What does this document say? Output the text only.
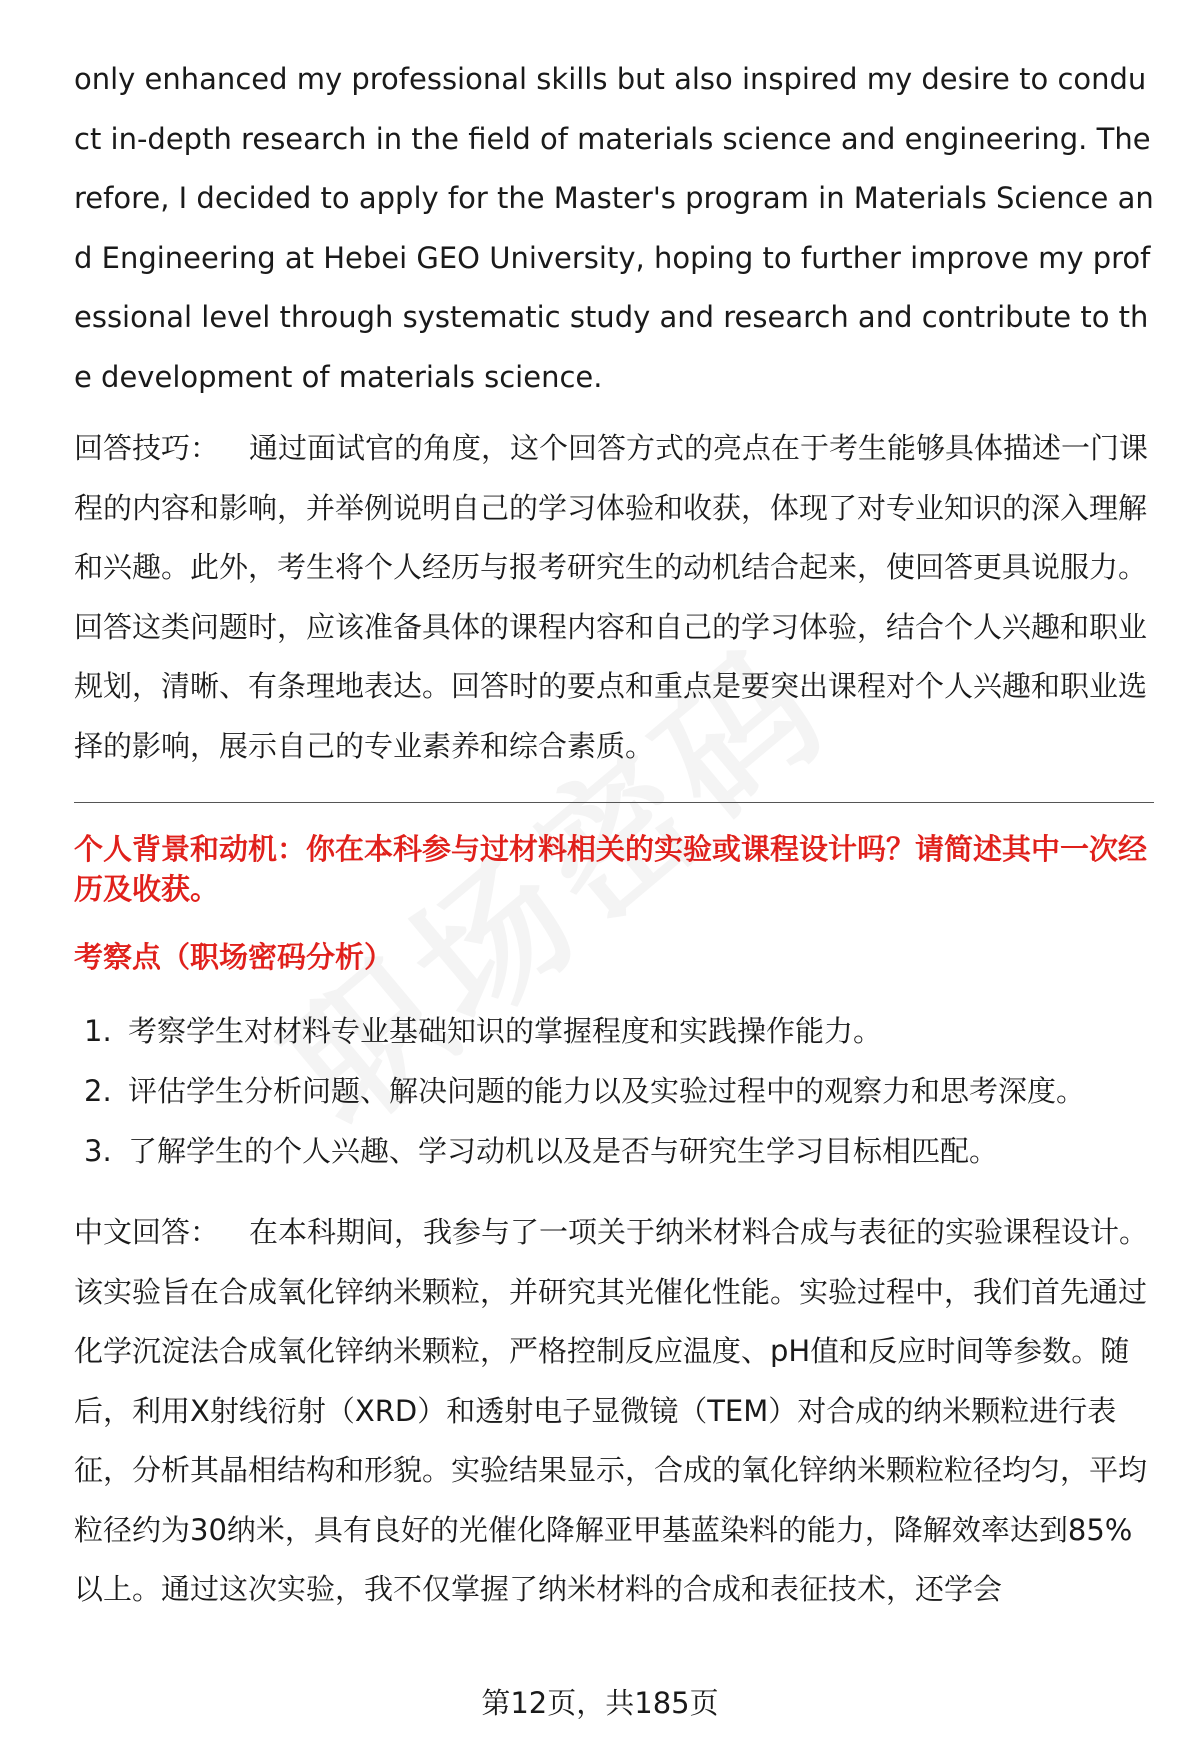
only enhanced my professional skills but also inspired my desire to conduct in-depth research in the field of materials science and engineering. Therefore, I decided to apply for the Master's program in Materials Science and Engineering at Hebei GEO University, hoping to further improve my professional level through systematic study and research and contribute to the development of materials science.

回答技巧： 通过面试官的角度，这个回答方式的亮点在于考生能够具体描述一门课程的内容和影响，并举例说明自己的学习体验和收获，体现了对专业知识的深入理解和兴趣。此外，考生将个人经历与报考研究生的动机结合起来，使回答更具说服力。回答这类问题时，应该准备具体的课程内容和自己的学习体验，结合个人兴趣和职业规划，清晰、有条理地表达。回答时的要点和重点是要突出课程对个人兴趣和职业选择的影响，展示自己的专业素养和综合素质。

个人背景和动机：你在本科参与过材料相关的实验或课程设计吗？请简述其中一次经历及收获。

考察点（职场密码分析）

1. 考察学生对材料专业基础知识的掌握程度和实践操作能力。
2. 评估学生分析问题、解决问题的能力以及实验过程中的观察力和思考深度。
3. 了解学生的个人兴趣、学习动机以及是否与研究生学习目标相匹配。

中文回答： 在本科期间，我参与了一项关于纳米材料合成与表征的实验课程设计。该实验旨在合成氧化锌纳米颗粒，并研究其光催化性能。实验过程中，我们首先通过化学沉淀法合成氧化锌纳米颗粒，严格控制反应温度、pH值和反应时间等参数。随后，利用X射线衍射（XRD）和透射电子显微镜（TEM）对合成的纳米颗粒进行表征，分析其晶相结构和形貌。实验结果显示，合成的氧化锌纳米颗粒粒径均匀，平均粒径约为30纳米，具有良好的光催化降解亚甲基蓝染料的能力，降解效率达到85%以上。通过这次实验，我不仅掌握了纳米材料的合成和表征技术，还学会

第12页，共185页
